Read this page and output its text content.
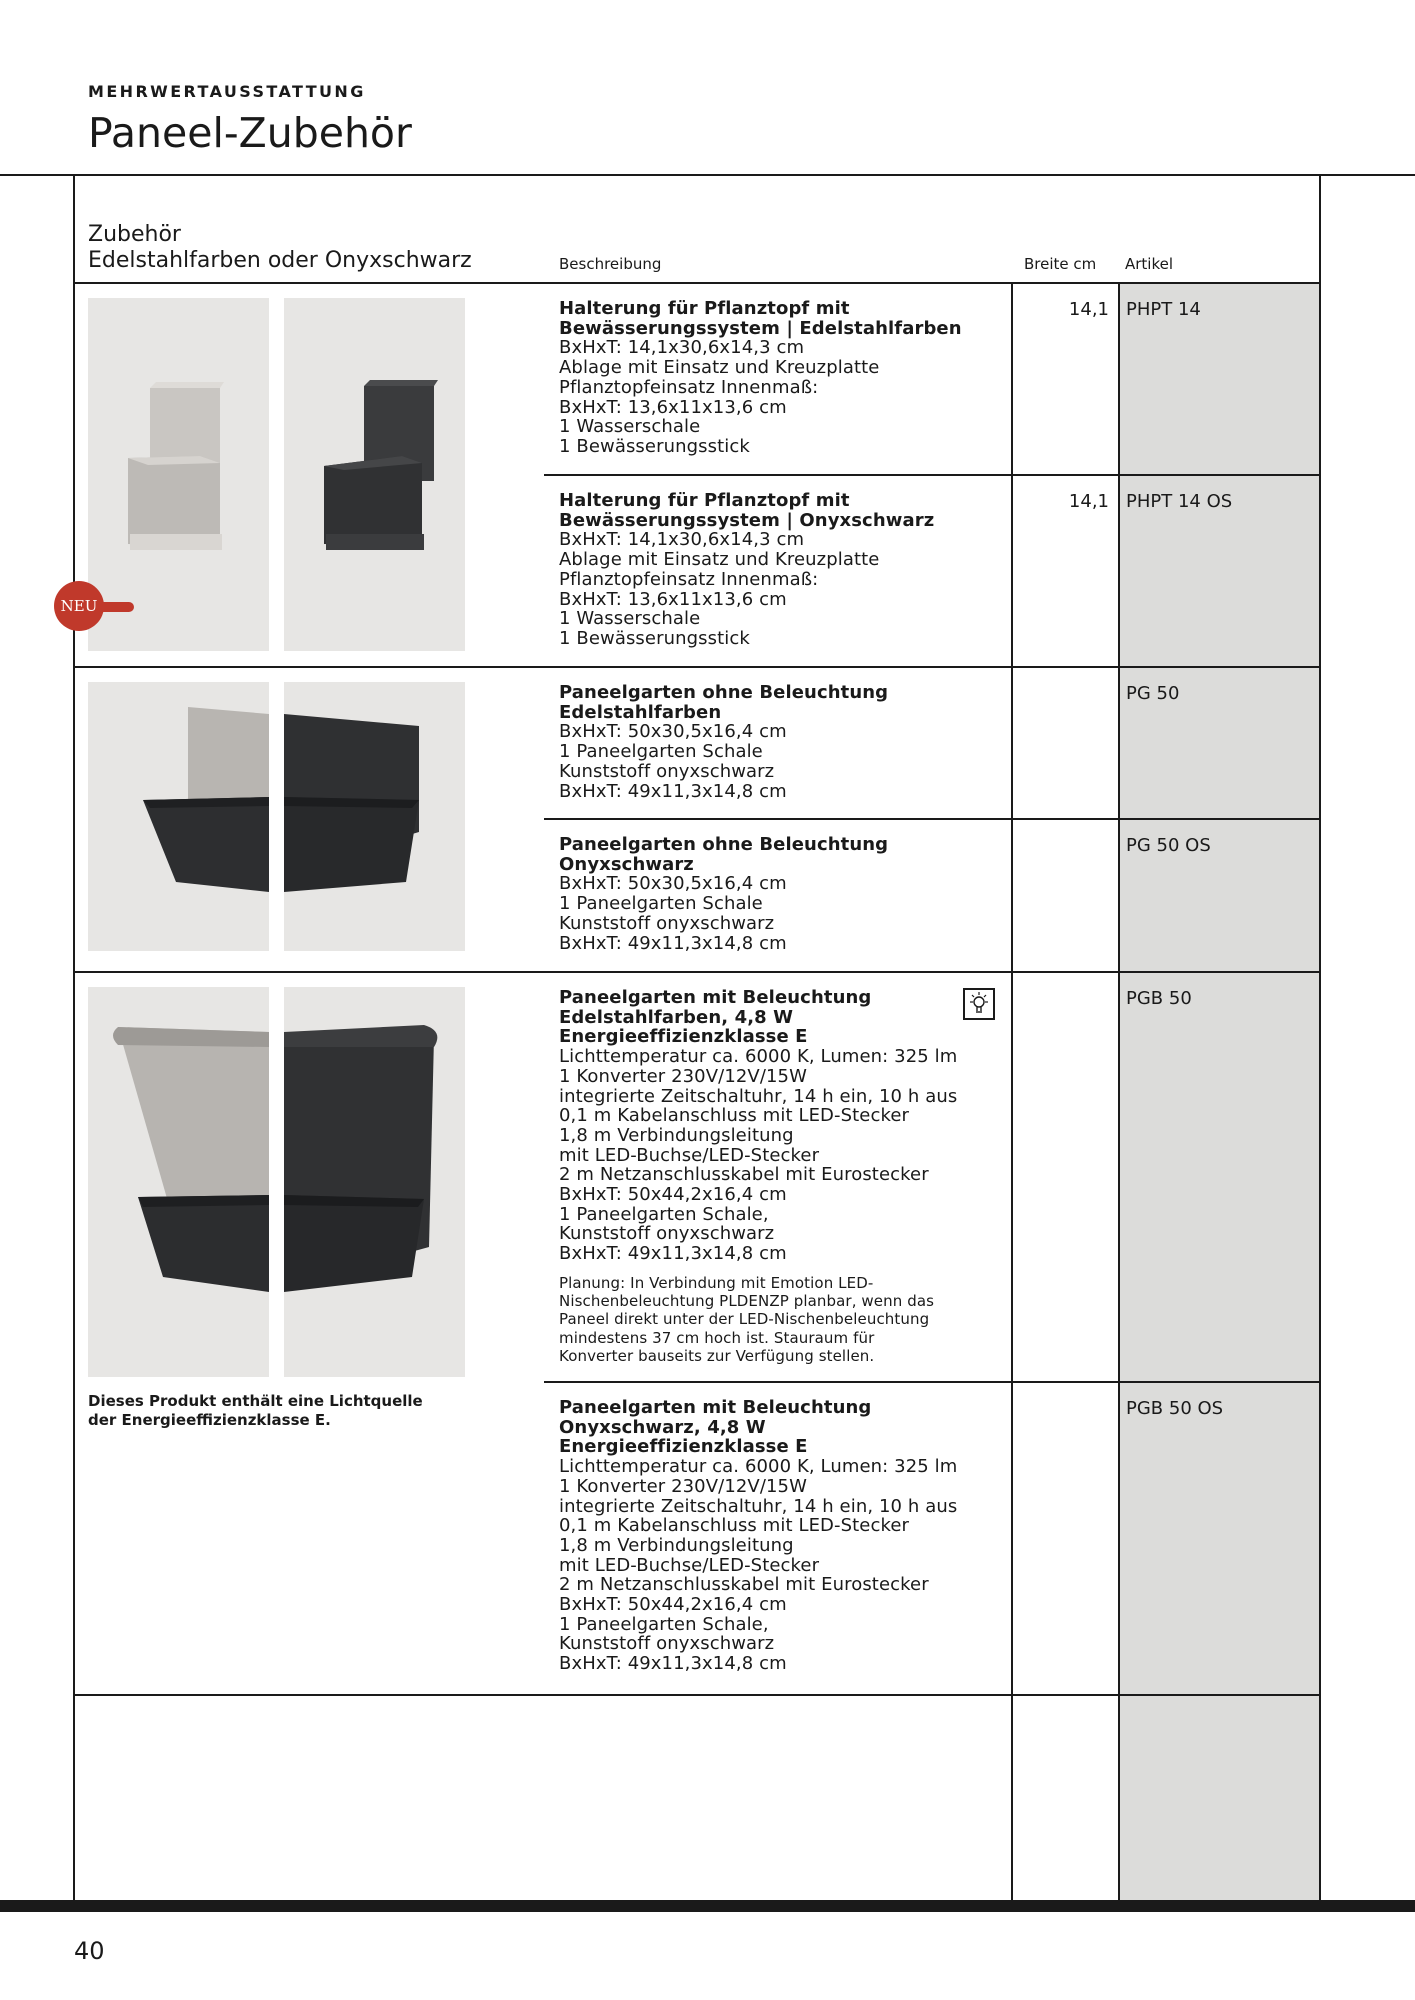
MEHRWERTAUSSTATTUNG
Paneel-Zubehör
Zubehör
Edelstahlfarben oder Onyxschwarz	Beschreibung	Breite cm Artikel
NEU
Dieses Produkt enthält eine Lichtquelle der Energieeffizienzklasse E.
Halterung für Pflanztopf mit
Bewässerungssystem | Edelstahlfarben
BxHxT: 14,1x30,6x14,3 cm
Ablage mit Einsatz und Kreuzplatte
Pflanztopfeinsatz Innenmaß:
BxHxT: 13,6x11x13,6 cm
1 Wasserschale
1 Bewässerungsstick
14,1 PHPT 14
Halterung für Pflanztopf mit
Bewässerungssystem | Onyxschwarz
BxHxT: 14,1x30,6x14,3 cm
Ablage mit Einsatz und Kreuzplatte
Pflanztopfeinsatz Innenmaß:
BxHxT: 13,6x11x13,6 cm
1 Wasserschale
1 Bewässerungsstick
14,1 PHPT 14 OS
Paneelgarten ohne Beleuchtung
Edelstahlfarben
BxHxT: 50x30,5x16,4 cm
1 Paneelgarten Schale
Kunststoff onyxschwarz
BxHxT: 49x11,3x14,8 cm
PG 50
Paneelgarten ohne Beleuchtung
Onyxschwarz
BxHxT: 50x30,5x16,4 cm
1 Paneelgarten Schale
Kunststoff onyxschwarz
BxHxT: 49x11,3x14,8 cm
PG 50 OS
Paneelgarten mit Beleuchtung
Edelstahlfarben, 4,8 W
Energieeffizienzklasse E
Lichttemperatur ca. 6000 K, Lumen: 325 lm
1 Konverter 230V/12V/15W
integrierte Zeitschaltuhr, 14 h ein, 10 h aus
0,1 m Kabelanschluss mit LED-Stecker
1,8 m Verbindungsleitung
mit LED-Buchse/LED-Stecker
2 m Netzanschlusskabel mit Eurostecker
BxHxT: 50x44,2x16,4 cm
1 Paneelgarten Schale,
Kunststoff onyxschwarz
BxHxT: 49x11,3x14,8 cm
Planung: In Verbindung mit Emotion LED-
Nischenbeleuchtung PLDENZP planbar, wenn das
Paneel direkt unter der LED-Nischenbeleuchtung
mindestens 37 cm hoch ist. Stauraum für
Konverter bauseits zur Verfügung stellen.
PGB 50
Paneelgarten mit Beleuchtung
Onyxschwarz, 4,8 W
Energieeffizienzklasse E
Lichttemperatur ca. 6000 K, Lumen: 325 lm
1 Konverter 230V/12V/15W
integrierte Zeitschaltuhr, 14 h ein, 10 h aus
0,1 m Kabelanschluss mit LED-Stecker
1,8 m Verbindungsleitung
mit LED-Buchse/LED-Stecker
2 m Netzanschlusskabel mit Eurostecker
BxHxT: 50x44,2x16,4 cm
1 Paneelgarten Schale,
Kunststoff onyxschwarz
BxHxT: 49x11,3x14,8 cm
PGB 50 OS
40
